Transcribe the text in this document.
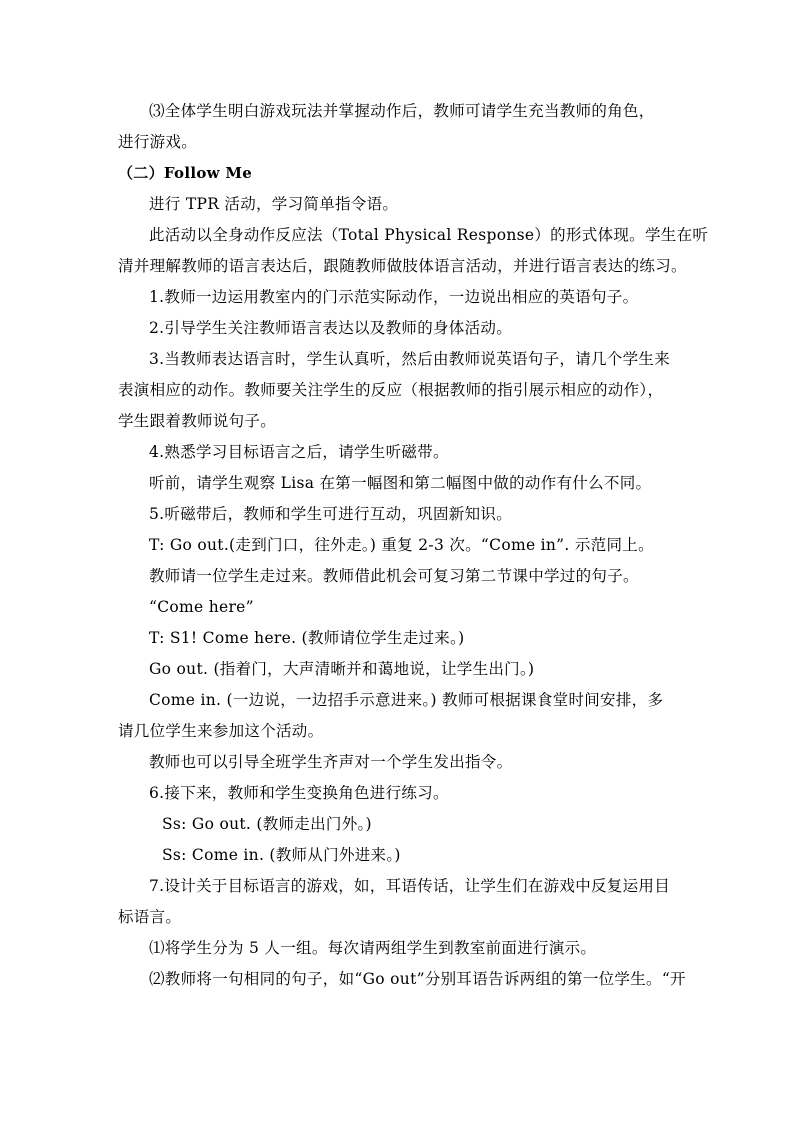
⑶全体学生明白游戏玩法并掌握动作后，教师可请学生充当教师的角色，
进行游戏。
（二）Follow Me
进行 TPR 活动，学习简单指令语。
此活动以全身动作反应法（Total Physical Response）的形式体现。学生在听
清并理解教师的语言表达后，跟随教师做肢体语言活动，并进行语言表达的练习。
1.教师一边运用教室内的门示范实际动作，一边说出相应的英语句子。
2.引导学生关注教师语言表达以及教师的身体活动。
3.当教师表达语言时，学生认真听，然后由教师说英语句子，请几个学生来
表演相应的动作。教师要关注学生的反应（根据教师的指引展示相应的动作），
学生跟着教师说句子。
4.熟悉学习目标语言之后，请学生听磁带。
听前，请学生观察 Lisa 在第一幅图和第二幅图中做的动作有什么不同。
5.听磁带后，教师和学生可进行互动，巩固新知识。
T: Go out.(走到门口，往外走。) 重复 2-3 次。“Come in”. 示范同上。
教师请一位学生走过来。教师借此机会可复习第二节课中学过的句子。
“Come here”
T: S1! Come here. (教师请位学生走过来。)
Go out. (指着门，大声清晰并和蔼地说，让学生出门。)
Come in. (一边说，一边招手示意进来。) 教师可根据课食堂时间安排，多
请几位学生来参加这个活动。
教师也可以引导全班学生齐声对一个学生发出指令。
6.接下来，教师和学生变换角色进行练习。
Ss: Go out. (教师走出门外。)
Ss: Come in. (教师从门外进来。)
7.设计关于目标语言的游戏，如，耳语传话，让学生们在游戏中反复运用目
标语言。
⑴将学生分为 5 人一组。每次请两组学生到教室前面进行演示。
⑵教师将一句相同的句子，如“Go out”分别耳语告诉两组的第一位学生。“开
